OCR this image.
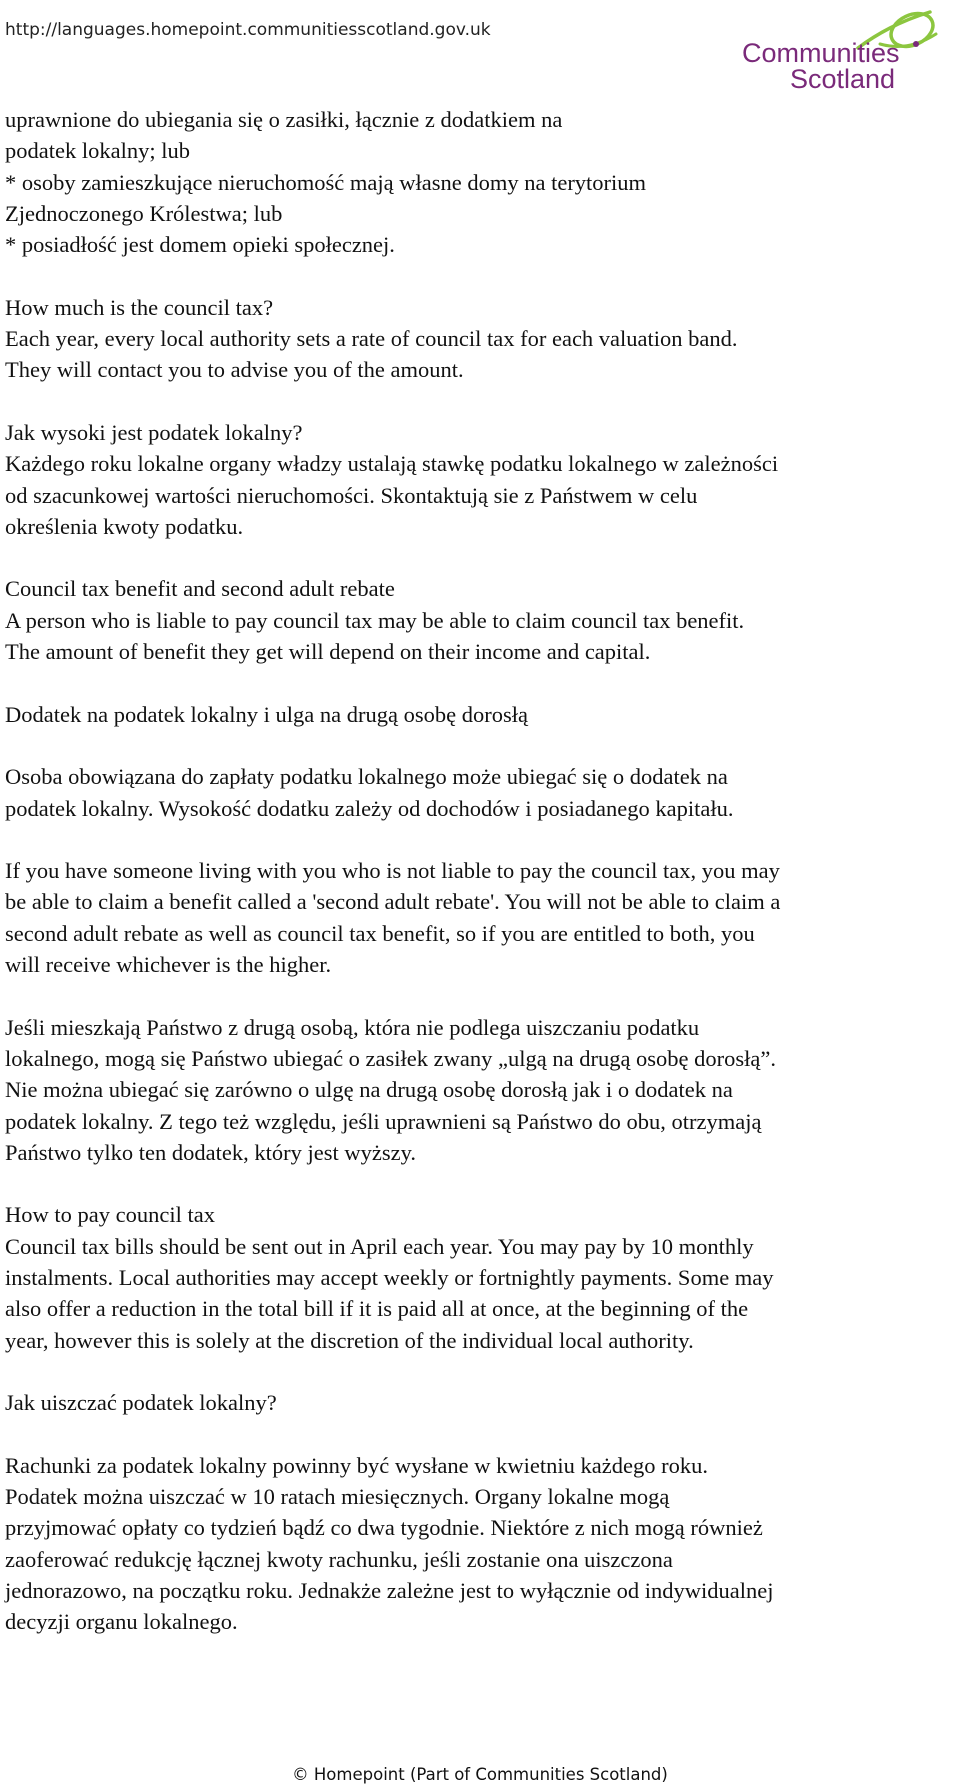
http://languages.homepoint.communitiesscotland.gov.uk
Communities
Scotland

uprawnione do ubiegania się o zasiłki, łącznie z dodatkiem na
podatek lokalny; lub
* osoby zamieszkujące nieruchomość mają własne domy na terytorium
Zjednoczonego Królestwa; lub
* posiadłość jest domem opieki społecznej.

How much is the council tax?
Each year, every local authority sets a rate of council tax for each valuation band.
They will contact you to advise you of the amount.

Jak wysoki jest podatek lokalny?
Każdego roku lokalne organy władzy ustalają stawkę podatku lokalnego w zależności
od szacunkowej wartości nieruchomości. Skontaktują sie z Państwem w celu
określenia kwoty podatku.

Council tax benefit and second adult rebate
A person who is liable to pay council tax may be able to claim council tax benefit.
The amount of benefit they get will depend on their income and capital.

Dodatek na podatek lokalny i ulga na drugą osobę dorosłą

Osoba obowiązana do zapłaty podatku lokalnego może ubiegać się o dodatek na
podatek lokalny. Wysokość dodatku zależy od dochodów i posiadanego kapitału.

If you have someone living with you who is not liable to pay the council tax, you may
be able to claim a benefit called a 'second adult rebate'. You will not be able to claim a
second adult rebate as well as council tax benefit, so if you are entitled to both, you
will receive whichever is the higher.

Jeśli mieszkają Państwo z drugą osobą, która nie podlega uiszczaniu podatku
lokalnego, mogą się Państwo ubiegać o zasiłek zwany „ulgą na drugą osobę dorosłą”.
Nie można ubiegać się zarówno o ulgę na drugą osobę dorosłą jak i o dodatek na
podatek lokalny. Z tego też względu, jeśli uprawnieni są Państwo do obu, otrzymają
Państwo tylko ten dodatek, który jest wyższy.

How to pay council tax
Council tax bills should be sent out in April each year. You may pay by 10 monthly
instalments. Local authorities may accept weekly or fortnightly payments. Some may
also offer a reduction in the total bill if it is paid all at once, at the beginning of the
year, however this is solely at the discretion of the individual local authority.

Jak uiszczać podatek lokalny?

Rachunki za podatek lokalny powinny być wysłane w kwietniu każdego roku.
Podatek można uiszczać w 10 ratach miesięcznych. Organy lokalne mogą
przyjmować opłaty co tydzień bądź co dwa tygodnie. Niektóre z nich mogą również
zaoferować redukcję łącznej kwoty rachunku, jeśli zostanie ona uiszczona
jednorazowo, na początku roku. Jednakże zależne jest to wyłącznie od indywidualnej
decyzji organu lokalnego.

© Homepoint (Part of Communities Scotland)
